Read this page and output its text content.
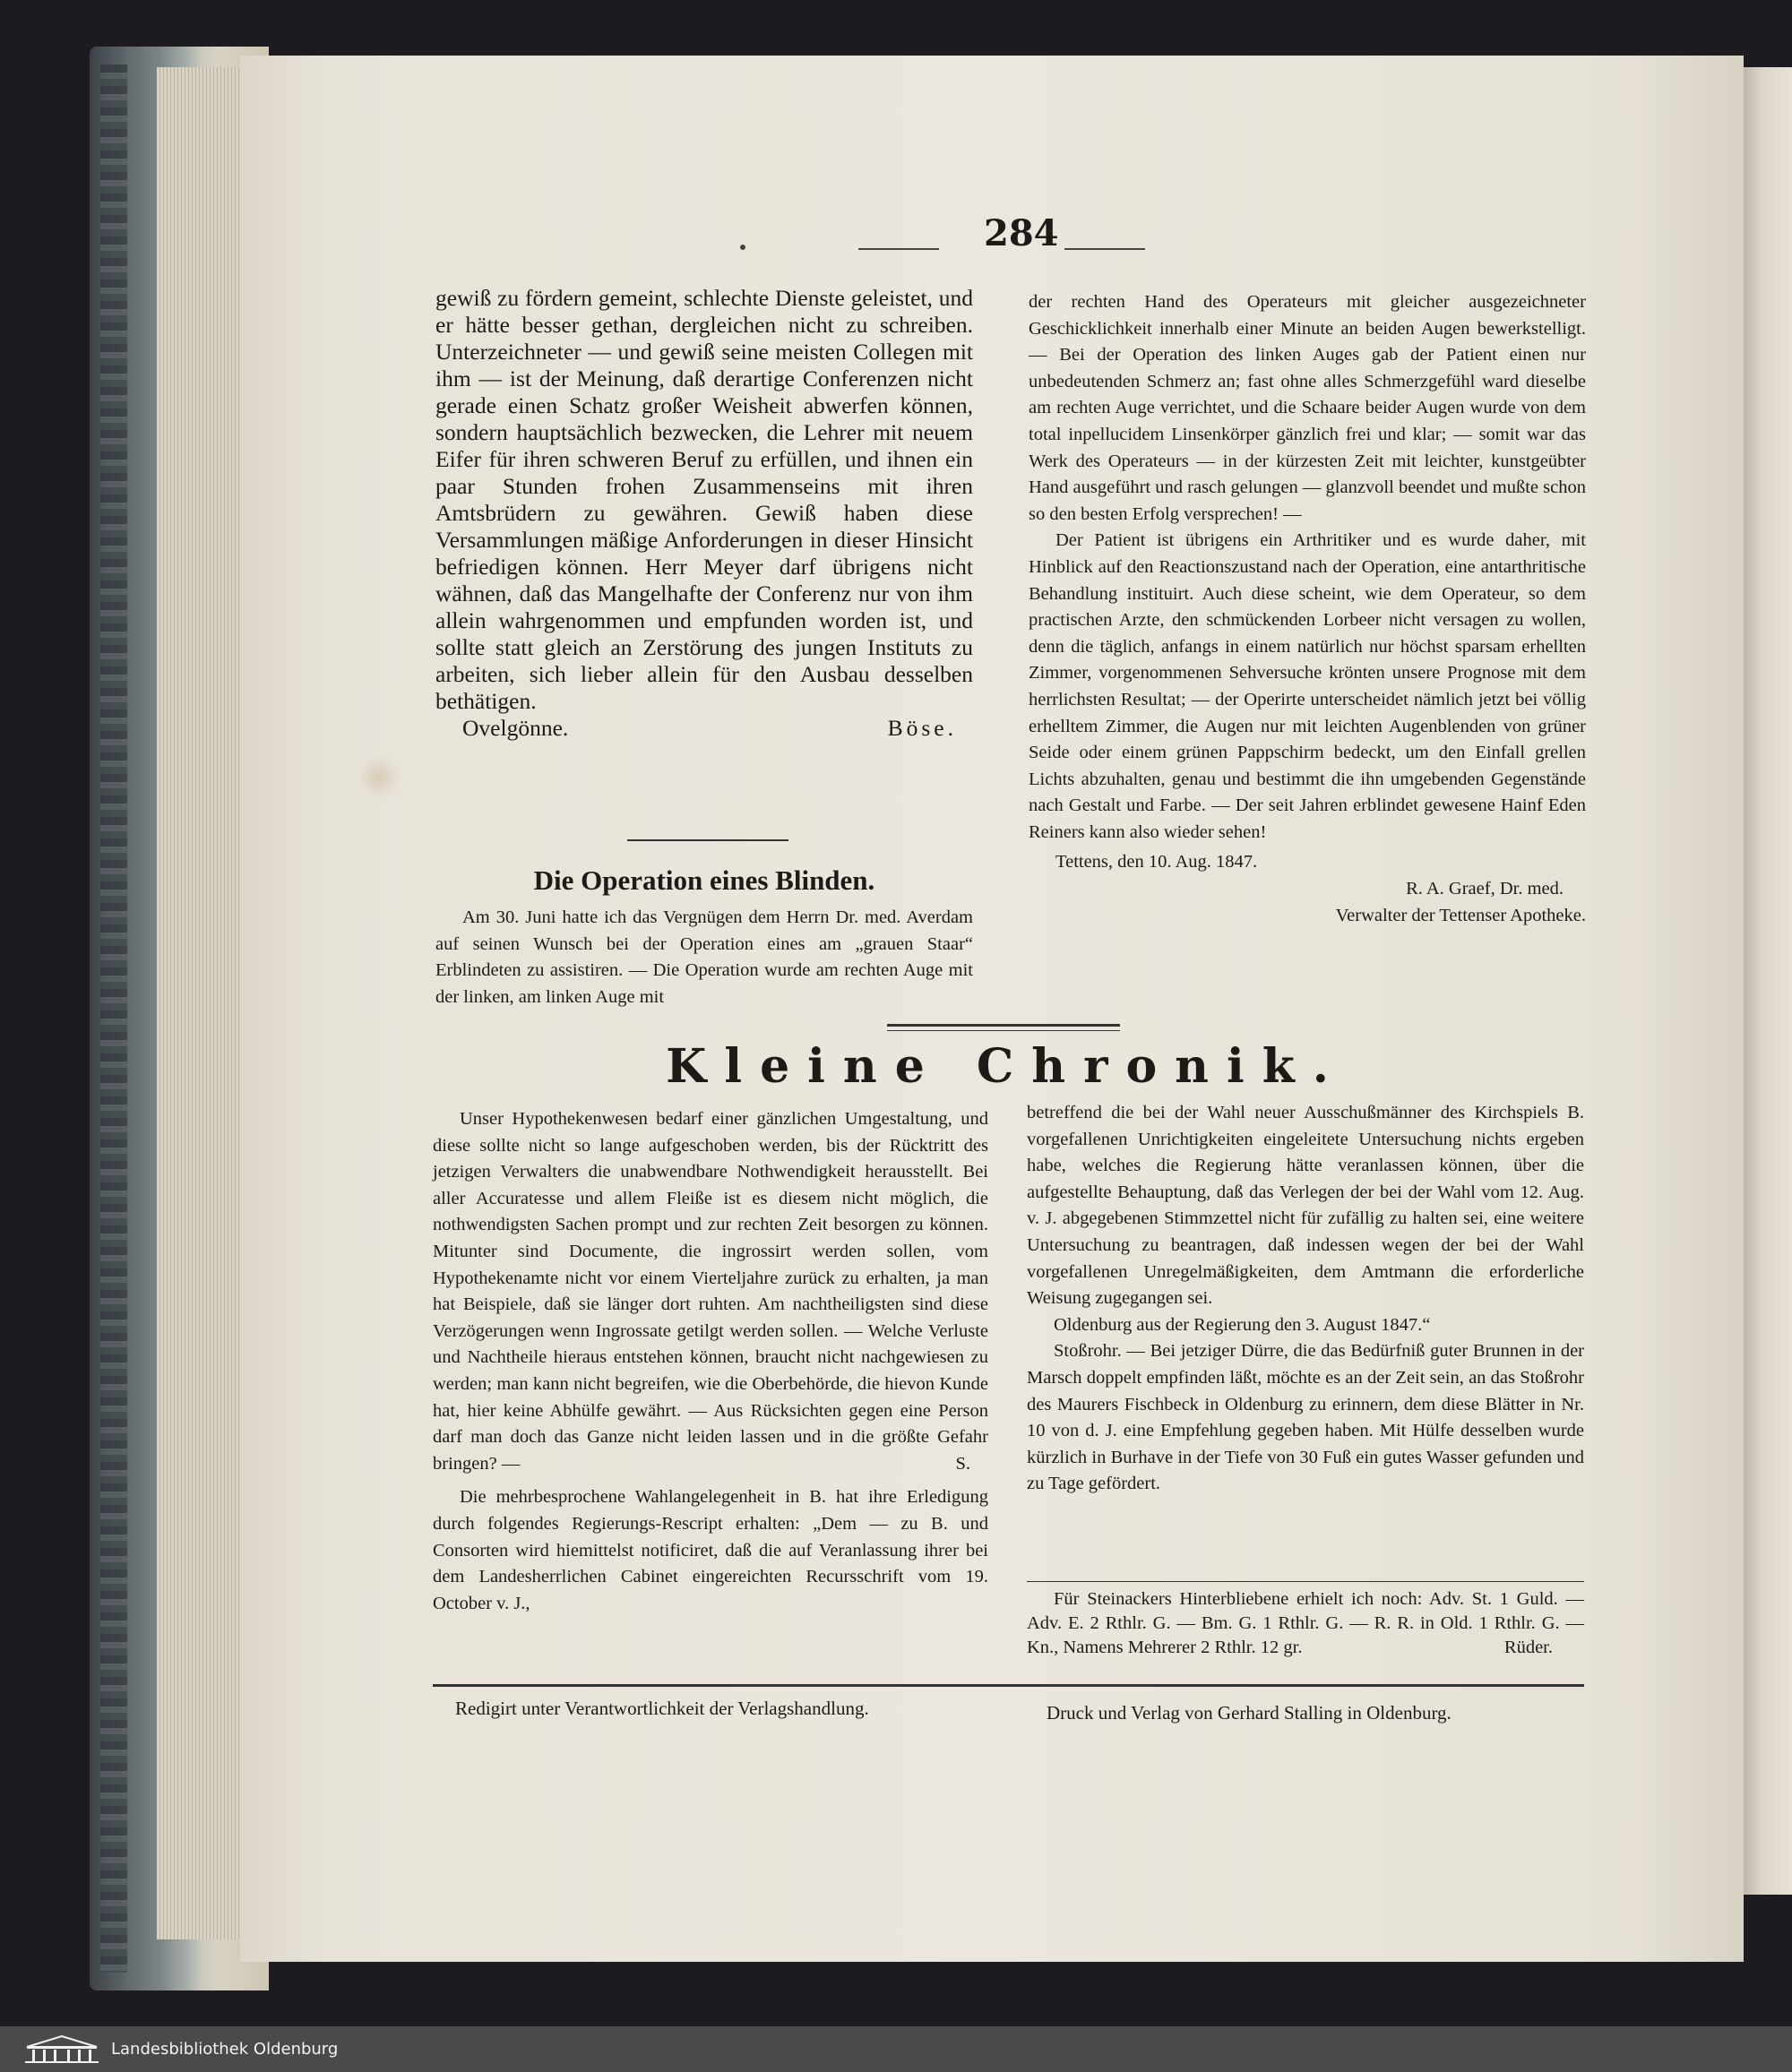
284

gewiß zu fördern gemeint, schlechte Dienste geleistet, und er hätte besser gethan, dergleichen nicht zu schreiben. Unterzeichneter — und gewiß seine meisten Collegen mit ihm — ist der Meinung, daß derartige Conferenzen nicht gerade einen Schatz großer Weisheit abwerfen können, sondern hauptsächlich bezwecken, die Lehrer mit neuem Eifer für ihren schweren Beruf zu erfüllen, und ihnen ein paar Stunden frohen Zusammenseins mit ihren Amtsbrüdern zu gewähren. Gewiß haben diese Versammlungen mäßige Anforderungen in dieser Hinsicht befriedigen können. Herr Meyer darf übrigens nicht wähnen, daß das Mangelhafte der Conferenz nur von ihm allein wahrgenommen und empfunden worden ist, und sollte statt gleich an Zerstörung des jungen Instituts zu arbeiten, sich lieber allein für den Ausbau desselben bethätigen.

Ovelgönne.	Böse.
Die Operation eines Blinden.

Am 30. Juni hatte ich das Vergnügen dem Herrn Dr. med. Averdam auf seinen Wunsch bei der Operation eines am „grauen Staar“ Erblindeten zu assistiren. — Die Operation wurde am rechten Auge mit der linken, am linken Auge mit

der rechten Hand des Operateurs mit gleicher ausgezeichneter Geschicklichkeit innerhalb einer Minute an beiden Augen bewerkstelligt. — Bei der Operation des linken Auges gab der Patient einen nur unbedeutenden Schmerz an; fast ohne alles Schmerzgefühl ward dieselbe am rechten Auge verrichtet, und die Schaare beider Augen wurde von dem total inpellucidem Linsenkörper gänzlich frei und klar; — somit war das Werk des Operateurs — in der kürzesten Zeit mit leichter, kunstgeübter Hand ausgeführt und rasch gelungen — glanzvoll beendet und mußte schon so den besten Erfolg versprechen! —

Der Patient ist übrigens ein Arthritiker und es wurde daher, mit Hinblick auf den Reactionszustand nach der Operation, eine antarthritische Behandlung instituirt. Auch diese scheint, wie dem Operateur, so dem practischen Arzte, den schmückenden Lorbeer nicht versagen zu wollen, denn die täglich, anfangs in einem natürlich nur höchst sparsam erhellten Zimmer, vorgenommenen Sehversuche krönten unsere Prognose mit dem herrlichsten Resultat; — der Operirte unterscheidet nämlich jetzt bei völlig erhelltem Zimmer, die Augen nur mit leichten Augenblenden von grüner Seide oder einem grünen Pappschirm bedeckt, um den Einfall grellen Lichts abzuhalten, genau und bestimmt die ihn umgebenden Gegenstände nach Gestalt und Farbe. — Der seit Jahren erblindet gewesene Hainf Eden Reiners kann also wieder sehen!

Tettens, den 10. Aug. 1847.

R. A. Graef, Dr. med.

Verwalter der Tettenser Apotheke.

Kleine Chronik.

Unser Hypothekenwesen bedarf einer gänzlichen Umgestaltung, und diese sollte nicht so lange aufgeschoben werden, bis der Rücktritt des jetzigen Verwalters die unabwendbare Nothwendigkeit herausstellt. Bei aller Accuratesse und allem Fleiße ist es diesem nicht möglich, die nothwendigsten Sachen prompt und zur rechten Zeit besorgen zu können. Mitunter sind Documente, die ingrossirt werden sollen, vom Hypothekenamte nicht vor einem Vierteljahre zurück zu erhalten, ja man hat Beispiele, daß sie länger dort ruhten. Am nachtheiligsten sind diese Verzögerungen wenn Ingrossate getilgt werden sollen. — Welche Verluste und Nachtheile hieraus entstehen können, braucht nicht nachgewiesen zu werden; man kann nicht begreifen, wie die Oberbehörde, die hievon Kunde hat, hier keine Abhülfe gewährt. — Aus Rücksichten gegen eine Person darf man doch das Ganze nicht leiden lassen und in die größte Gefahr bringen? —	S.

Die mehrbesprochene Wahlangelegenheit in B. hat ihre Erledigung durch folgendes Regierungs-Rescript erhalten: „Dem — zu B. und Consorten wird hiemittelst notificiret, daß die auf Veranlassung ihrer bei dem Landesherrlichen Cabinet eingereichten Recursschrift vom 19. October v. J.,

betreffend die bei der Wahl neuer Ausschußmänner des Kirchspiels B. vorgefallenen Unrichtigkeiten eingeleitete Untersuchung nichts ergeben habe, welches die Regierung hätte veranlassen können, über die aufgestellte Behauptung, daß das Verlegen der bei der Wahl vom 12. Aug. v. J. abgegebenen Stimmzettel nicht für zufällig zu halten sei, eine weitere Untersuchung zu beantragen, daß indessen wegen der bei der Wahl vorgefallenen Unregelmäßigkeiten, dem Amtmann die erforderliche Weisung zugegangen sei.

Oldenburg aus der Regierung den 3. August 1847.“

Stoßrohr. — Bei jetziger Dürre, die das Bedürfniß guter Brunnen in der Marsch doppelt empfinden läßt, möchte es an der Zeit sein, an das Stoßrohr des Maurers Fischbeck in Oldenburg zu erinnern, dem diese Blätter in Nr. 10 von d. J. eine Empfehlung gegeben haben. Mit Hülfe desselben wurde kürzlich in Burhave in der Tiefe von 30 Fuß ein gutes Wasser gefunden und zu Tage gefördert.

Für Steinackers Hinterbliebene erhielt ich noch: Adv. St. 1 Guld. — Adv. E. 2 Rthlr. G. — Bm. G. 1 Rthlr. G. — R. R. in Old. 1 Rthlr. G. — Kn., Namens Mehrerer 2 Rthlr. 12 gr.	Rüder.

Redigirt unter Verantwortlichkeit der Verlagshandlung.	Druck und Verlag von Gerhard Stalling in Oldenburg.
Landesbibliothek Oldenburg
